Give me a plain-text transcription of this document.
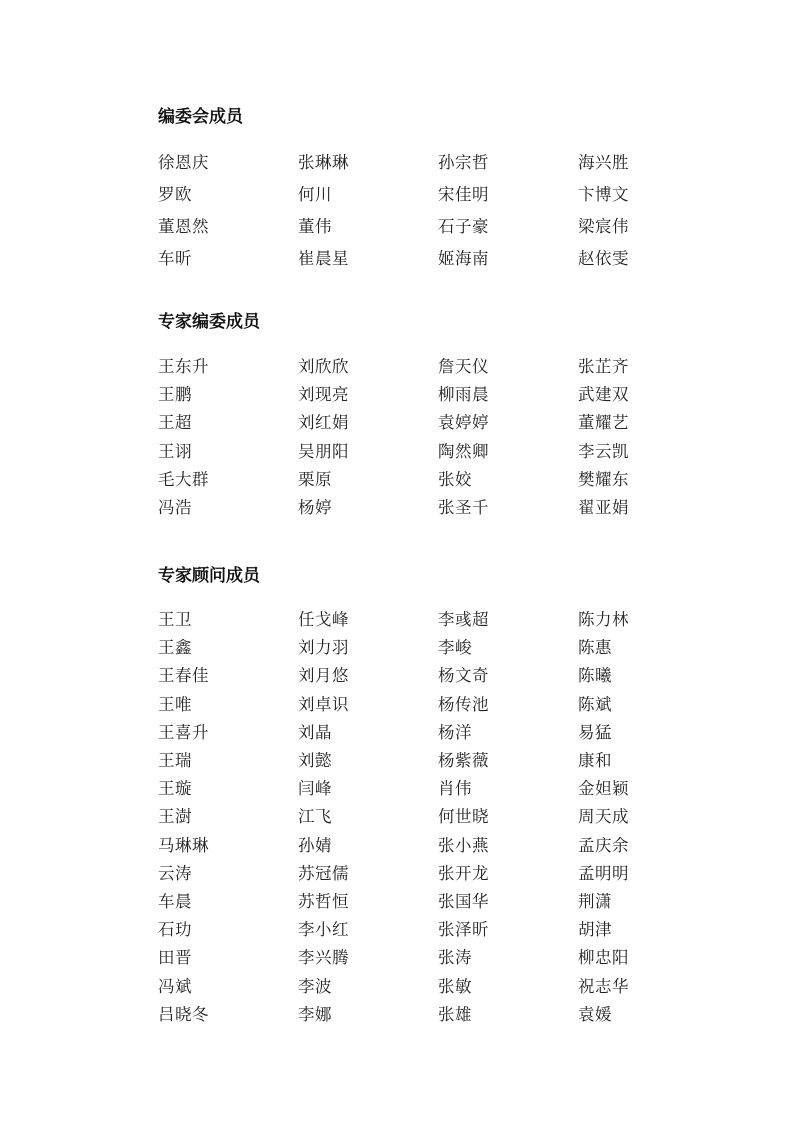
编委会成员
徐恩庆	张琳琳	孙宗哲	海兴胜
罗欧	何川	宋佳明	卞博文
董恩然	董伟	石子豪	梁宸伟
车昕	崔晨星	姬海南	赵依雯
专家编委成员
王东升	刘欣欣	詹天仪	张芷齐
王鹏	刘现亮	柳雨晨	武建双
王超	刘红娟	袁婷婷	董耀艺
王诩	吴朋阳	陶然卿	李云凯
毛大群	栗原	张姣	樊耀东
冯浩	杨婷	张圣千	翟亚娟
专家顾问成员
王卫	任戈峰	李彧超	陈力林
王鑫	刘力羽	李峻	陈惠
王春佳	刘月悠	杨文奇	陈曦
王唯	刘卓识	杨传池	陈斌
王喜升	刘晶	杨洋	易猛
王瑞	刘懿	杨紫薇	康和
王璇	闫峰	肖伟	金妲颖
王澍	江飞	何世晓	周天成
马琳琳	孙婧	张小燕	孟庆余
云涛	苏冠儒	张开龙	孟明明
车晨	苏哲恒	张国华	荆潇
石玏	李小红	张泽昕	胡津
田晋	李兴腾	张涛	柳忠阳
冯斌	李波	张敏	祝志华
吕晓冬	李娜	张雄	袁媛
